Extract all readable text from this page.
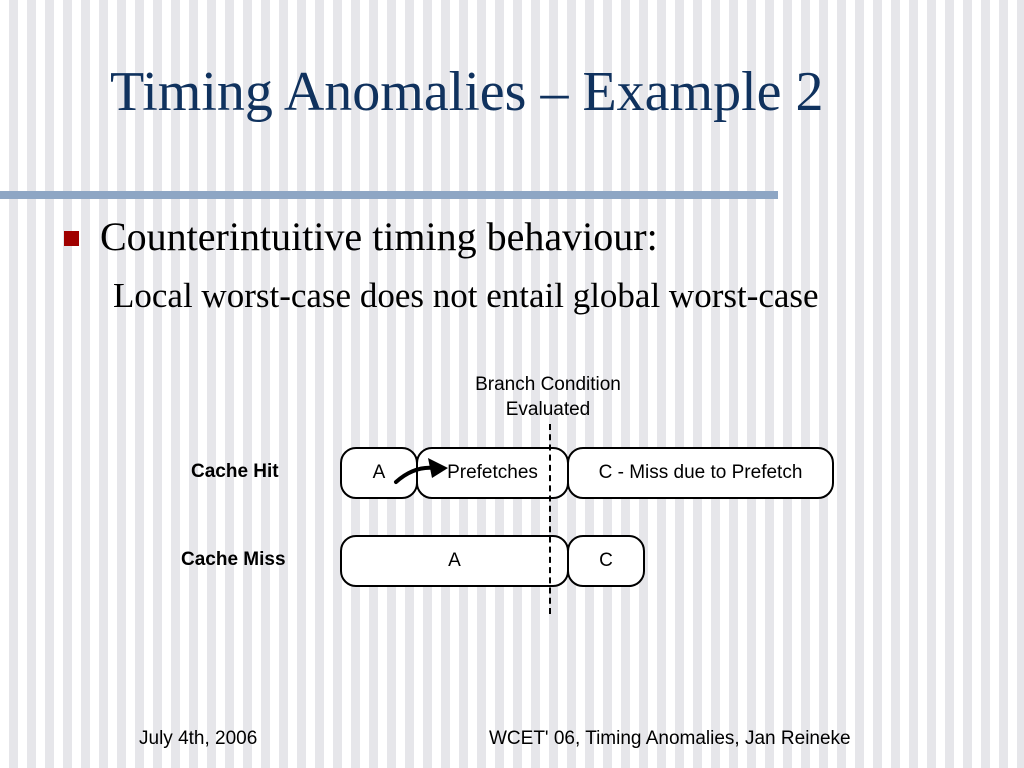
Timing Anomalies – Example 2
Counterintuitive timing behaviour:
Local worst-case does not entail global worst-case
Branch Condition
Evaluated
Cache Hit	A	Prefetches	C - Miss due to Prefetch
Cache Miss	A	C
July 4th, 2006	WCET' 06, Timing Anomalies, Jan Reineke
